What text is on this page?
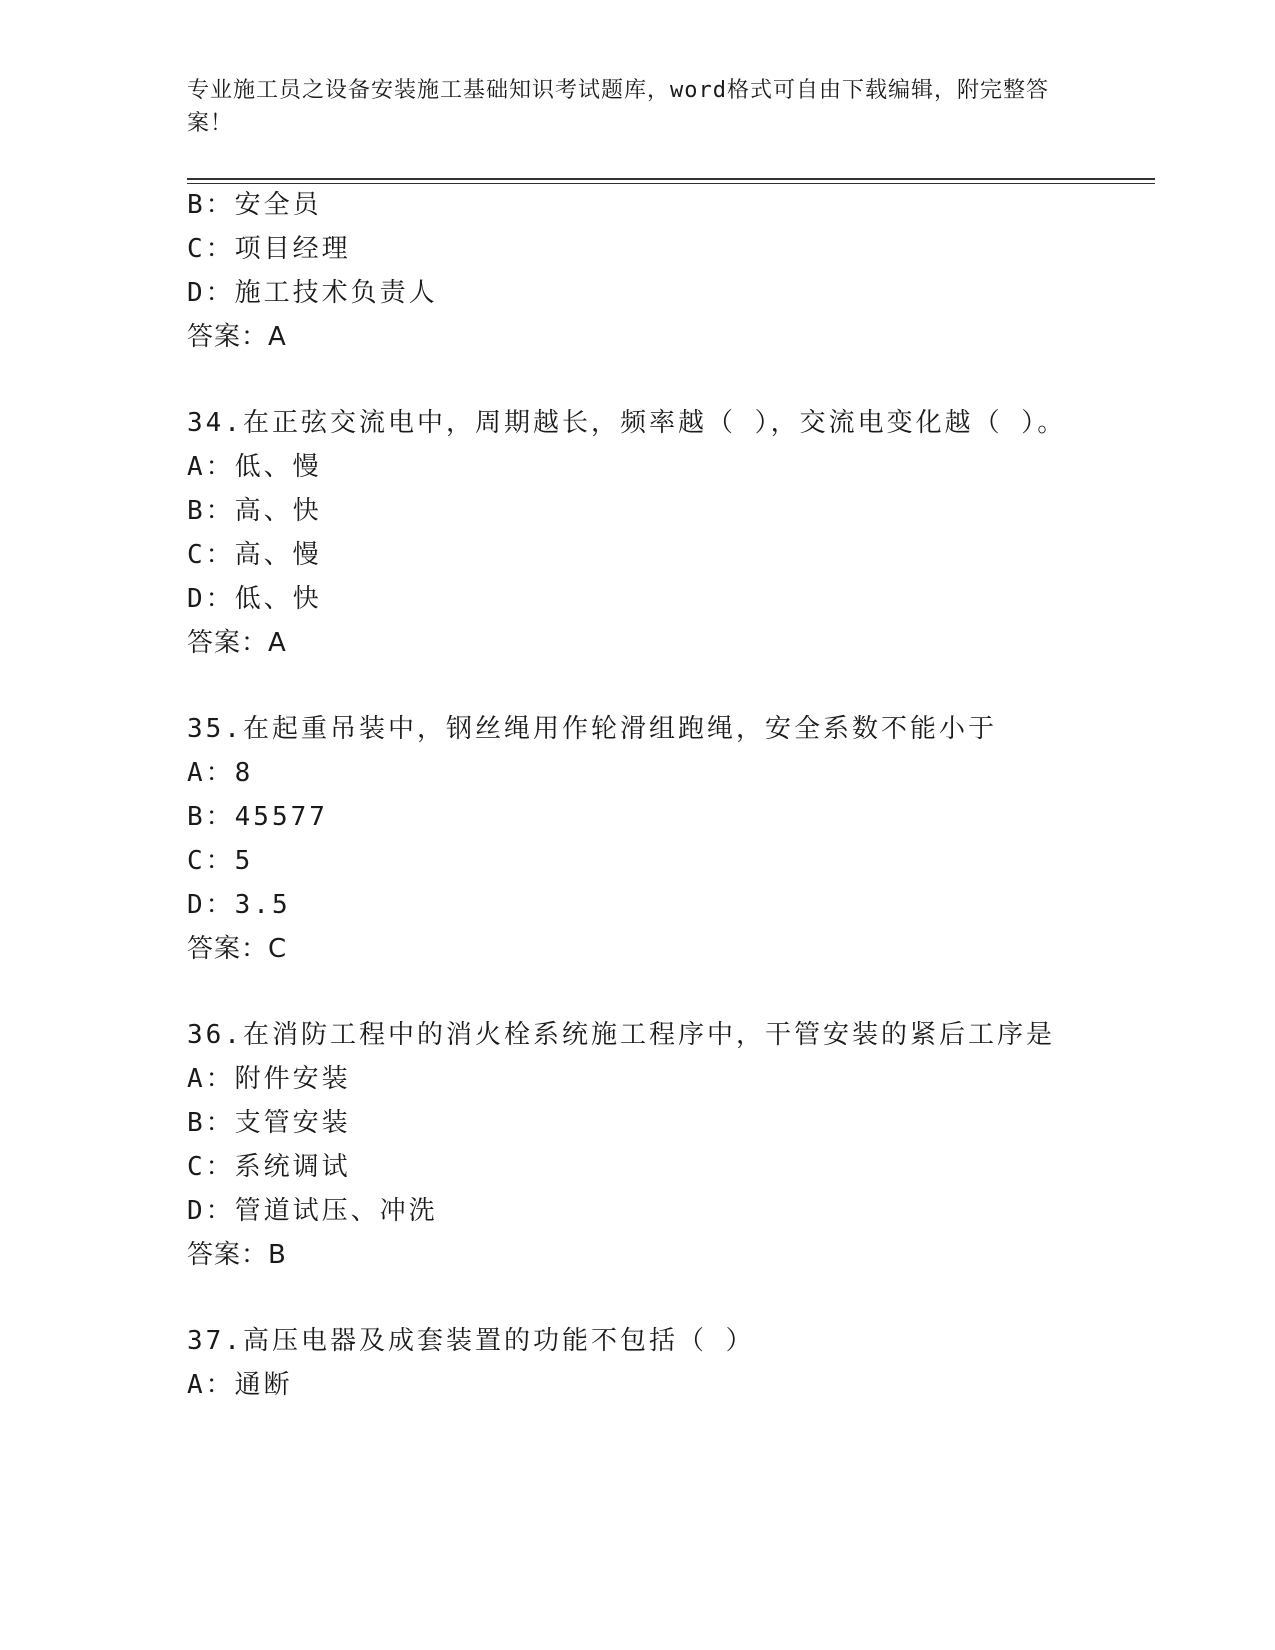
专业施工员之设备安装施工基础知识考试题库，word格式可自由下载编辑，附完整答案！
B：安全员
C：项目经理
D：施工技术负责人
答案：A
34.在正弦交流电中，周期越长，频率越（ ），交流电变化越（ ）。
A：低、慢
B：高、快
C：高、慢
D：低、快
答案：A
35.在起重吊装中，钢丝绳用作轮滑组跑绳，安全系数不能小于
A：8
B：45577
C：5
D：3.5
答案：C
36.在消防工程中的消火栓系统施工程序中，干管安装的紧后工序是
A：附件安装
B：支管安装
C：系统调试
D：管道试压、冲洗
答案：B
37.高压电器及成套装置的功能不包括（ ）
A：通断
